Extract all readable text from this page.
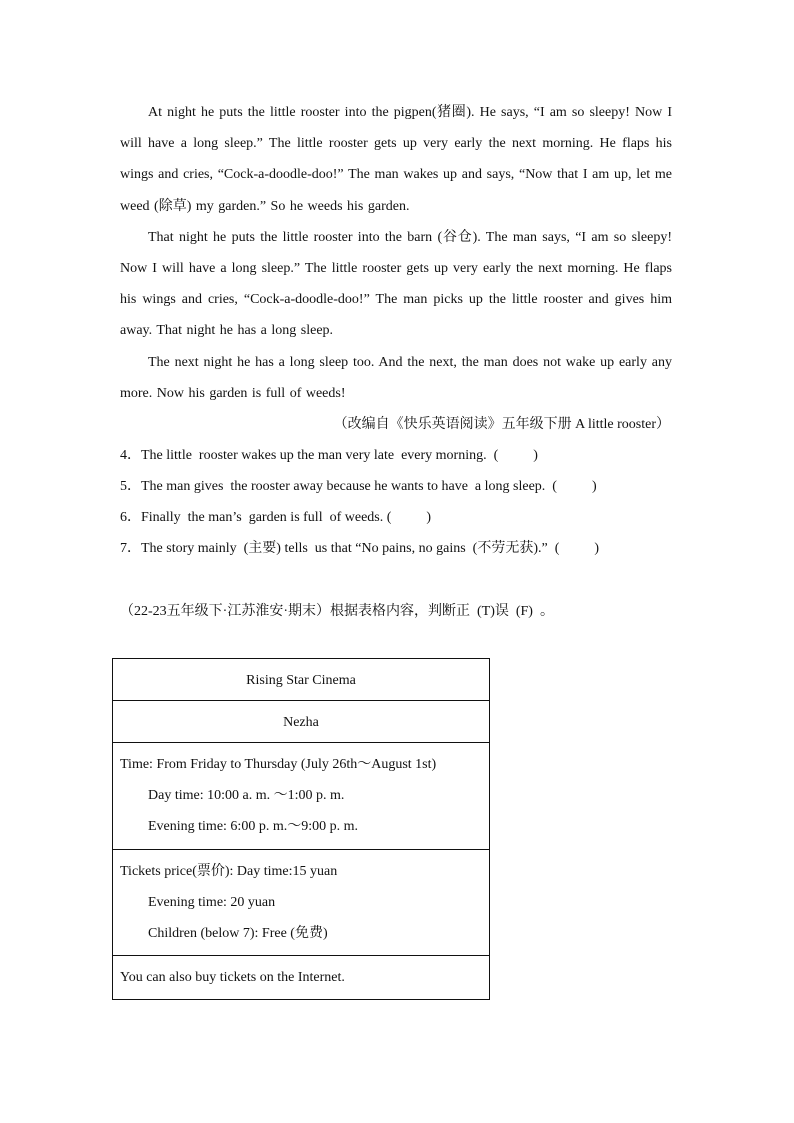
At night he puts the little rooster into the pigpen(猪圈). He says, “I am so sleepy! Now I will have a long sleep.” The little rooster gets up very early the next morning. He flaps his wings and cries, “Cock-a-doodle-doo!” The man wakes up and says, “Now that I am up, let me weed (除草) my garden.” So he weeds his garden.

That night he puts the little rooster into the barn (谷仓). The man says, “I am so sleepy! Now I will have a long sleep.” The little rooster gets up very early the next morning. He flaps his wings and cries, “Cock-a-doodle-doo!” The man picks up the little rooster and gives him away. That night he has a long sleep.

The next night he has a long sleep too. And the next, the man does not wake up early any more. Now his garden is full of weeds!

（改编自《快乐英语阅读》五年级下册 A little rooster）

4．The little  rooster wakes up the man very late  every morning.  (          )

5．The man gives  the rooster away because he wants to have  a long sleep.  (          )

6．Finally  the man’s  garden is full  of weeds. (          )

7．The story mainly  (主要) tells  us that “No pains, no gains  (不劳无获).”  (          )

（22-23五年级下·江苏淮安·期末）根据表格内容，判断正  (T)误  (F)  。
Rising Star Cinema
Nezha
Time: From Friday to Thursday (July 26th～August 1st)
Day time: 10:00 a. m. ～1:00 p. m.
Evening time: 6:00 p. m.～9:00 p. m.
Tickets price(票价): Day time:15 yuan
Evening time: 20 yuan
Children (below 7): Free (免费)
You can also buy tickets on the Internet.
